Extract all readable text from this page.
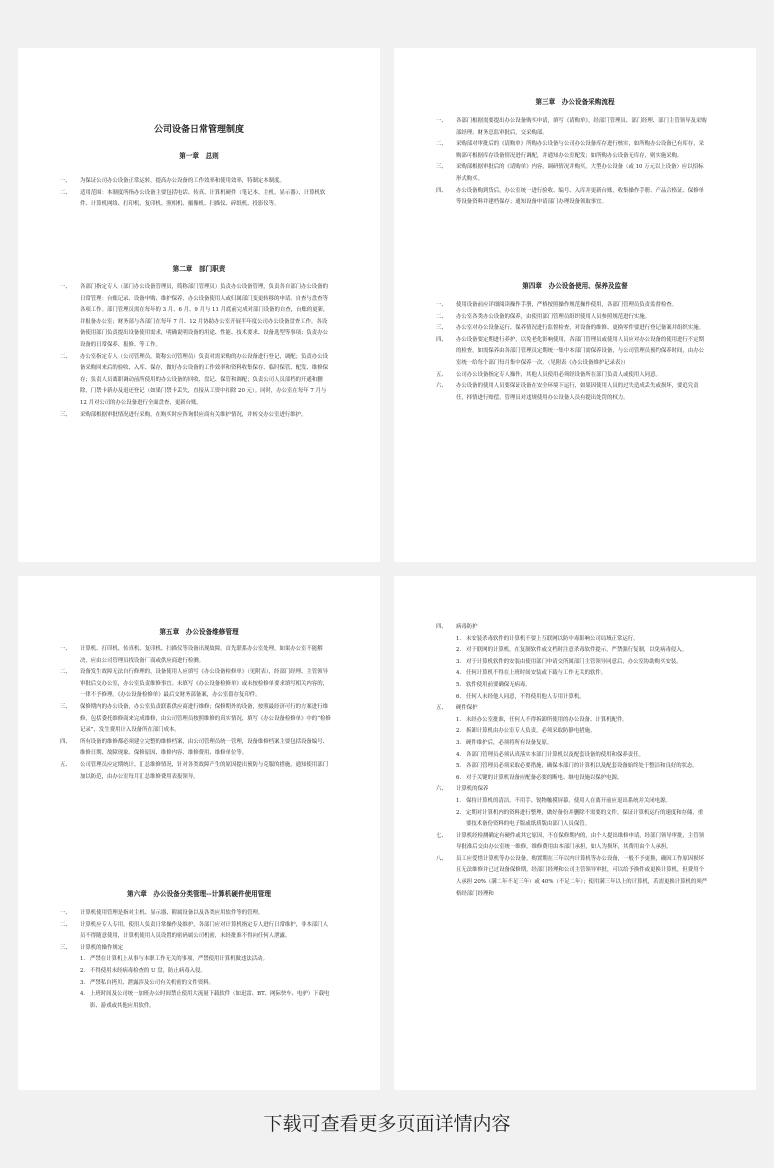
公司设备日常管理制度
第一章　总则

一、 为保证公司办公设备正常运转，提高办公设备的工作效率和使用效率，特制定本制度。

二、 适用范围：本制度所指办公设备主要包括电话、传真、计算机硬件（笔记本、主机、显示器）、计算机软件、计算机网络、打印机、复印机、照相机、摄像机、扫描仪、碎纸机、投影仪等。

第二章　部门职责

一、 各部门指定专人（部门办公设备管理员，简称部门管理员）负责办公设备管理，负责各自部门办公设备的日常管理：台账记录、设备申购、维护保养，办公设备使用人或归属部门变更转移的申请、自查与盘查等各项工作。部门管理员需在每年的 3 月、6 月、9 月与 11 月底前完成对部门设备的自查，台账的更新，并报备办公室；财务部与各部门在每年 7 月、12 月协助办公室开展半年度公司办公设备盘查工作。各设备使用部门负责提出设备使用需求，明确说明设备的用途、性能、技术要求、设备选型等事项；负责办公设备的日常保养、报修、等工作。

二、 办公室指定专人（公司管理员，简称公司管理员）负责对需采购的办公设备进行登记，调配；负责办公设备采购回来后的验收、入库、保存，做好办公设备的工作效率和资料收集保存、临时保管、配发、维修保存；负责人员离职调动前所使用的办公设备的回收、盘记、保管和调配；负责公司人员部档的开通和删除，门禁卡新办及退还登记（如果门禁卡丢失，直接从工资中扣除 20 元）。同时，办公室在每年 7 月与 12 月对公司的办公设备进行全面盘查，更新台账。

三、 采购部根据审批情况进行采购，在购买时应咨询供应商有关维护情况，并转交办公室进行维护。

第三章　办公设备采购流程

一、 各部门根据需要提出办公设备购买申请，填写《请购单》，经部门管理员、部门经理、部门主管领导及采购部经理、财务总监审批后，交采购部。

二、 采购部对审批后的《请购单》所购办公设备与公司办公设备库存进行核实，如所购办公设备已有库存，采购部可根据库存设备情况进行调配，并通知办公室配发；如所购办公设备无库存，则实施采购。

三、 采购部根据审批后的《请购单》内容，调研情况并购买。大型办公设备（或 10 万元以上设备）应以招标形式购买。

四、 办公设备购到货后，办公室统一进行验收、编号、入库并更新台账，收集操作手册、产品合格证、保修单等设备资料并建档保存；通知设备申请部门办理设备领取事宜。

第四章　办公设备使用、保养及监督

一、 使用设备前应详细阅读操作手册，严格按照操作规范操作使用，各部门管理员负责监督检查。

二、 办公室各类办公设备的保养，由使用部门管理员组织使用人员参照规范进行实施。

三、 办公室对办公设备运行、保养情况进行监督检查，对设备的维修、更换零件要进行登记备案并组织实施。

四、 办公设备要定期进行养护，以免老化影响使用，各部门管理员或使用人员应对办公设备的使用进行不定期的检查，如需保养由各部门管理员定期统一集中本部门需保养设备，与公司管理员预约保养时间，由办公室统一给每个部门每月集中保养一次。（见附表《办公设备维护记录表》）

五、 公司办公设备指定专人操作，其他人员使用必须经设备所在部门负责人或使用人同意。

六、 办公设备的使用人员要保证设备在安全环境下运行，如果因使用人员的过失造成丢失或损坏，要追究责任，择情进行赔偿。管理员对违规使用办公设备人员有提出处罚的权力。

第五章　办公设备维修管理

一、 计算机、打印机、传真机、复印机、扫描仪等设备出现故障，首先联系办公室处理，如果办公室不能解决，应由公司管理员找设备厂商或供应商进行检测。

二、 设备发生故障无法自行修理的，设备使用人应填写《办公设备检修单》（见附表），经部门经理、主管领导审批后交办公室，办公室负责维修事宜。未填写《办公设备检修单》或未按检修单要求填写相关内容的，一律不予修理。《办公设备检修单》最后交财务部备案，办公室留存复印件。

三、 保修期内的办公设备，办公室负责联系供应商进行维修；保修期外的设备，按照最经济可行的方案进行维修，包括委托维修商来完成维修，由公司管理员按照维修的真实情况，填写《办公设备检修单》中的“检修记录”，发生费用计入设备所在部门成本。

四、 所有设备的维修都必须建立完整的维修档案，由公司管理员统一管理，设备维修档案主要包括设备编号、维修日期、故障现象、保修原因、维修内容、维修费用、维修单位等。

五、 公司管理员应定期统计、汇总维修情况，针对各类故障产生的原因提出预防与克服的措施，通知使用部门加以防范，由办公室每月汇总维修费用表报领导。

第六章　办公设备分类管理--计算机硬件使用管理

一、 计算机使用管理是指对主机、显示器、附属设备以及各类应用软件等的管理。

二、 计算机应专人专用，使用人负责日常操作及维护，各部门应对计算机指定专人进行日常维护，非本部门人员不得随意使用，计算机使用人员设置的密码属公司机密，未经批准不得向任何人泄露。

三、 计算机的操作规定

1. 严禁在计算机上从事与本职工作无关的事项，严禁使用计算机做违法活动。

2. 不得使用未经病毒检查的 U 盘，防止病毒入侵。

3. 严禁私自拷贝、泄露涉及公司有关机密的文件资料。

4. 上班时间及公司统一加班办公时间禁止使用大流量下载软件（如迅雷、BT、网际快车、电驴）下载电影、游戏或其他应用软件。

四、 病毒防护

1. 未安装杀毒软件的计算机不要上互联网以防中毒影响公司局域正常运行。

2. 对于联网的计算机，在复制软件或文档时注意杀毒软件提示，严禁强行复制，以免病毒侵入。

3. 对于计算机软件的安装由使用部门申请交所属部门主管领导同意后，办公室协助购买安装。

4. 任何计算机不得在上班时间安装或下载与工作无关的软件。

5. 软件使用前要确保无病毒。

6. 任何人未经他人同意，不得使用他人专用计算机。

五、 硬件保护

1. 未经办公室批准，任何人不得拆卸所使用的办公设备、计算机配件。

2. 拆卸计算机由办公室专人负责，必须采取防静电措施。

3. 硬件维护后，必须将所有设备复原。

4. 各部门管理员必须认真落实本部门计算机以及配套设备的使用和保养责任。

5. 各部门管理员必须采取必要措施，确保本部门的计算机以及配套设备始终处于整洁和良好的状态。

6. 对于关键的计算机设备应配备必要的断电、继电设施以保护电源。

六、 计算机的保养

1. 保持计算机的清洁，不用手、锐物触摸屏幕，使用人在离开前应退出系统并关闭电源。

2. 定期对计算机内的资料进行整理，做好备份并删除不需要的文件，保证计算机运行的速度和存储，重要技术备份资料的电子版或纸质版由部门人员保管。

七、 计算机经检测确定有硬件或其它原因，不在保修期内的，由个人提出维修申请，经部门领导审批，主管领导批准后交由办公室统一维修，维修费用由本部门承担，如人为损坏，其费用由个人承担。

八、 员工应爱惜计算机等办公设备，购置期在三年以内计算机等办公设备，一般不予更换，确因工作原因损坏且无法维修并已过设备保修期，经部门经理和公司主管领导审批，可以给予换件或更换计算机，但费用个人承担 20%（满二年不足三年）或 40%（不足二年）；使用满三年以上的计算机，若需更换计算机的须严格经部门经理和

下载可查看更多页面详情内容
